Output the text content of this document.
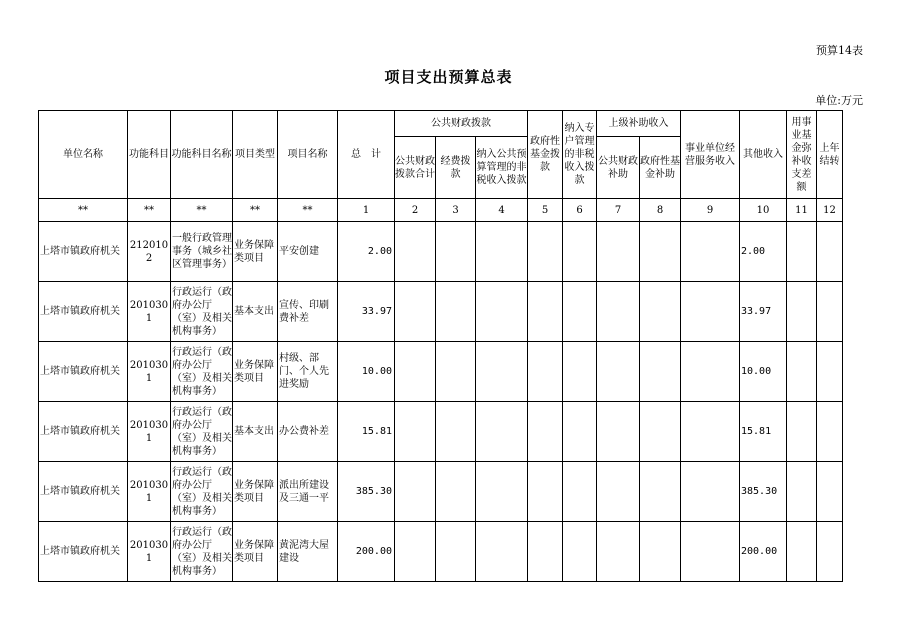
预算14表
项目支出预算总表
单位:万元
单位名称	功能科目	功能科目名称	项目类型	项目名称	总　计	公共财政拨款			政府性基金拨款	纳入专户管理的非税收入拨款	上级补助收入		事业单位经营服务收入	其他收入	用事业基金弥补收支差额	上年结转
						公共财政拨款合计	经费拨款	纳入公共预算管理的非税收入拨款			公共财政补助	政府性基金补助				
**	**	**	**	**	1	2	3	4	5	6	7	8	9	10	11	12
上塔市镇政府机关	2120102	一般行政管理事务（城乡社区管理事务）	业务保障类项目	平安创建	2.00									2.00		
上塔市镇政府机关	2010301	行政运行（政府办公厅（室）及相关机构事务）	基本支出	宣传、印刷费补差	33.97									33.97		
上塔市镇政府机关	2010301	行政运行（政府办公厅（室）及相关机构事务）	业务保障类项目	村级、部门、个人先进奖励	10.00									10.00		
上塔市镇政府机关	2010301	行政运行（政府办公厅（室）及相关机构事务）	基本支出	办公费补差	15.81									15.81		
上塔市镇政府机关	2010301	行政运行（政府办公厅（室）及相关机构事务）	业务保障类项目	派出所建设及三通一平	385.30									385.30		
上塔市镇政府机关	2010301	行政运行（政府办公厅（室）及相关机构事务）	业务保障类项目	黄泥湾大屋建设	200.00									200.00		
